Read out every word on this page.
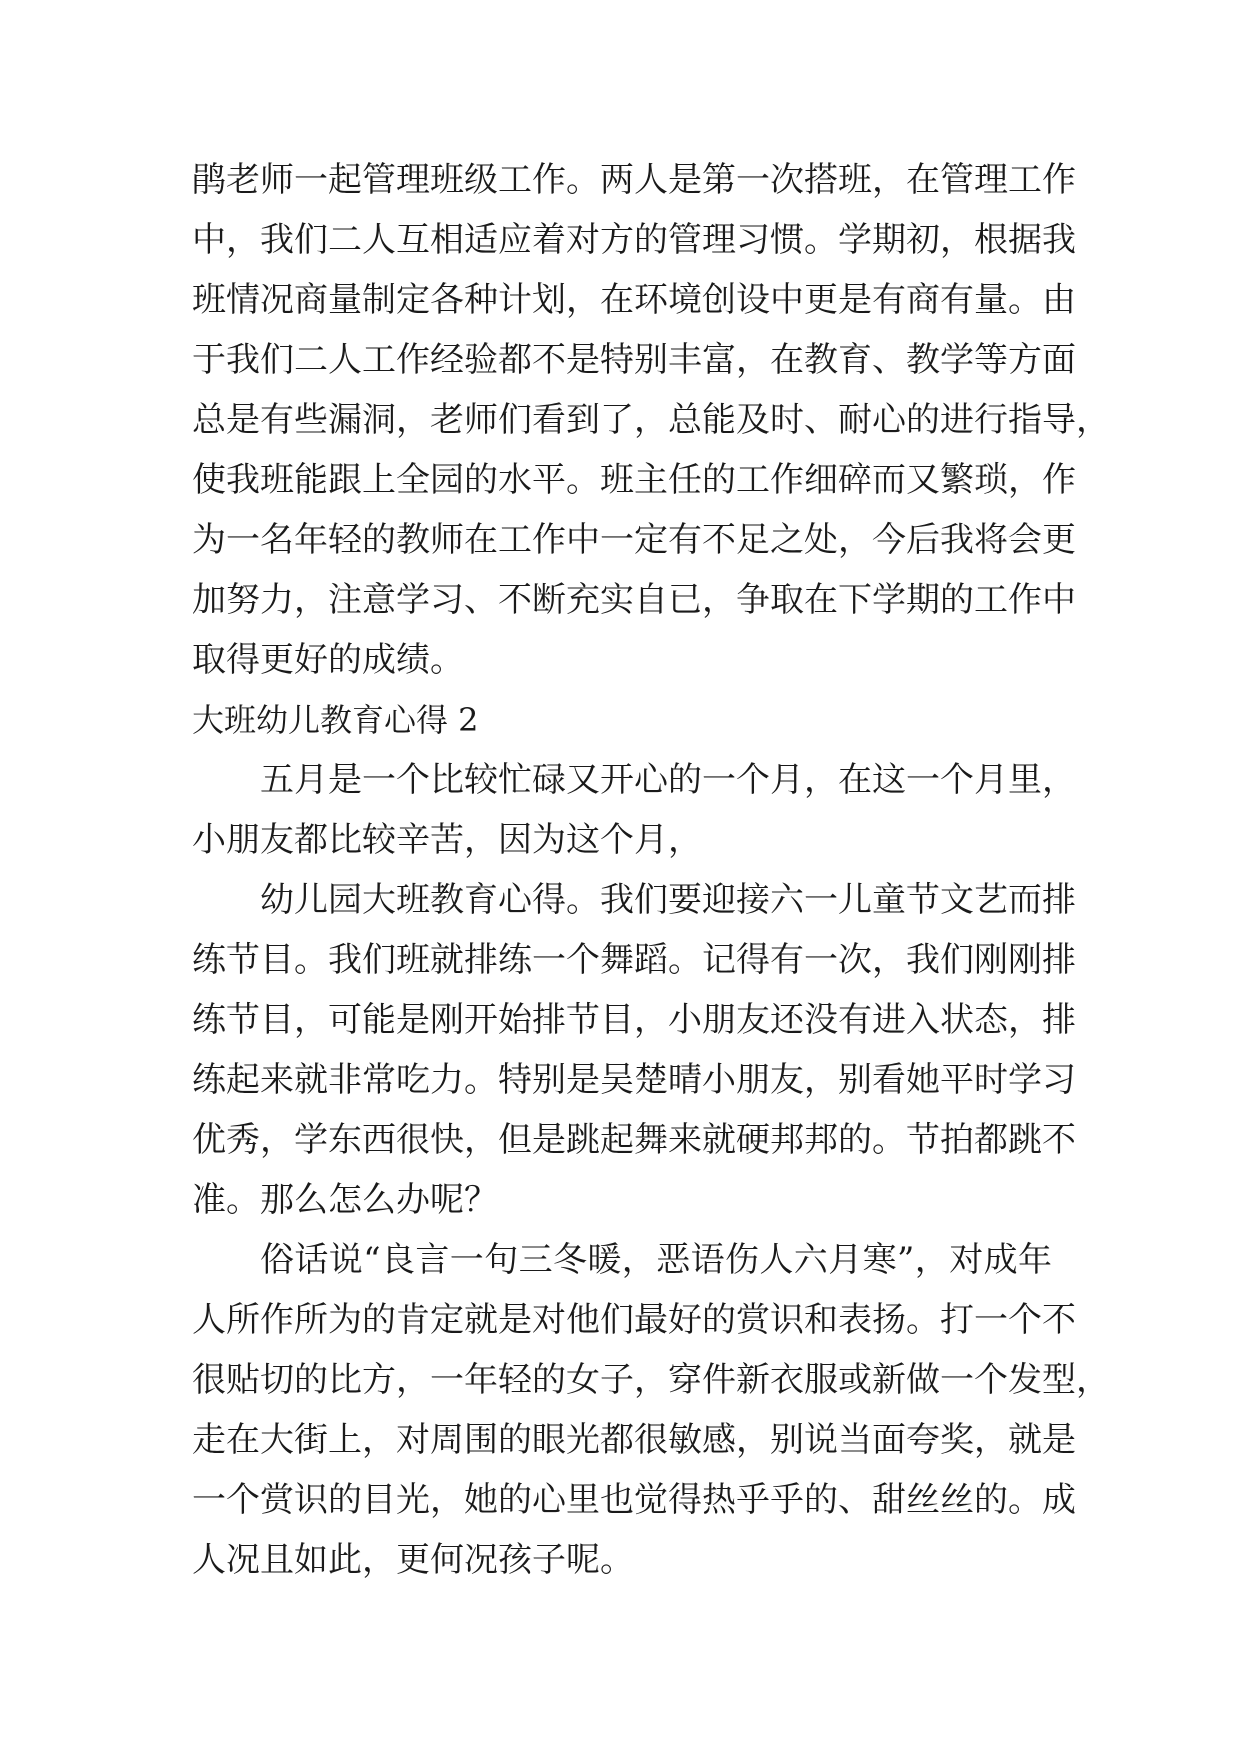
鹃老师一起管理班级工作。两人是第一次搭班，在管理工作
中，我们二人互相适应着对方的管理习惯。学期初，根据我
班情况商量制定各种计划，在环境创设中更是有商有量。由
于我们二人工作经验都不是特别丰富，在教育、教学等方面
总是有些漏洞，老师们看到了，总能及时、耐心的进行指导，
使我班能跟上全园的水平。班主任的工作细碎而又繁琐，作
为一名年轻的教师在工作中一定有不足之处，今后我将会更
加努力，注意学习、不断充实自已，争取在下学期的工作中
取得更好的成绩。
大班幼儿教育心得 2
五月是一个比较忙碌又开心的一个月，在这一个月里，
小朋友都比较辛苦，因为这个月，
幼儿园大班教育心得。我们要迎接六一儿童节文艺而排
练节目。我们班就排练一个舞蹈。记得有一次，我们刚刚排
练节目，可能是刚开始排节目，小朋友还没有进入状态，排
练起来就非常吃力。特别是吴楚晴小朋友，别看她平时学习
优秀，学东西很快，但是跳起舞来就硬邦邦的。节拍都跳不
准。那么怎么办呢？
俗话说“良言一句三冬暖，恶语伤人六月寒”，对成年
人所作所为的肯定就是对他们最好的赏识和表扬。打一个不
很贴切的比方，一年轻的女子，穿件新衣服或新做一个发型，
走在大街上，对周围的眼光都很敏感，别说当面夸奖，就是
一个赏识的目光，她的心里也觉得热乎乎的、甜丝丝的。成
人况且如此，更何况孩子呢。
